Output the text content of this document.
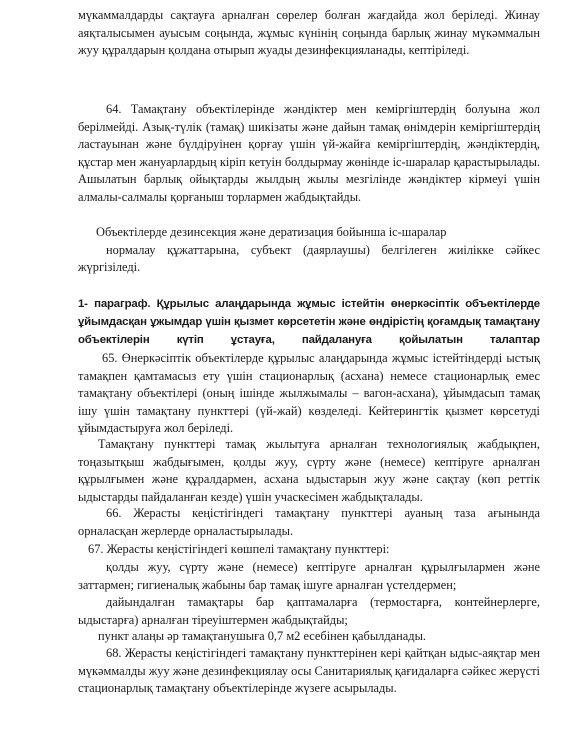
мүкаммалдарды сақтауға арналған сөрелер болған жағдайда жол беріледі. Жинау аяқталысымен ауысым соңында, жұмыс күнінің соңында барлық жинау мүкәммалын жуу құралдарын қолдана отырып жуады дезинфекцияланады, кептіріледі.
64. Тамақтану объектілерінде жәндіктер мен кеміргіштердің болуына жол берілмейді. Азық-түлік (тамақ) шикізаты және дайын тамақ өнімдерін кеміргіштердің ластауынан және бүлдіруінен қорғау үшін үй-жайға кеміргіштердің, жәндіктердің, құстар мен жануарлардың кіріп кетуін болдырмау жөнінде іс-шаралар қарастырылады. Ашылатын барлық ойықтарды жылдың жылы мезгілінде жәндіктер кірмеуі үшін алмалы-салмалы қорғаныш торлармен жабдықтайды.
Объектілерде дезинсекция және дератизация бойынша іс-шаралар
нормалау құжаттарына, субъект (даярлаушы) белгілеген жиілікке сәйкес жүргізіледі.
1- параграф. Құрылыс алаңдарында жұмыс істейтін өнеркәсіптік объектілерде ұйымдасқан ұжымдар үшін қызмет көрсететін және өндірістің қоғамдық тамақтану объектілерін күтіп ұстауға, пайдалануға қойылатын талаптар
65. Өнеркәсіптік объектілерде құрылыс алаңдарында жұмыс істейтіндерді ыстық тамақпен қамтамасыз ету үшін стационарлық (асхана) немесе стационарлық емес тамақтану объектілері (оның ішінде жылжымалы – вагон-асхана), ұйымдасып тамақ ішу үшін тамақтану пункттері (үй-жай) көзделеді. Кейтерингтік қызмет көрсетуді ұйымдастыруға жол беріледі.
Тамақтану пункттері тамақ жылытуға арналған технологиялық жабдықпен, тоңазытқыш жабдығымен, қолды жуу, сүрту және (немесе) кептіруге арналған құрылғымен және құралдармен, асхана ыдыстарын жуу және сақтау (көп реттік ыдыстарды пайдаланған кезде) үшін учаскесімен жабдықталады.
66. Жерасты кеңістігіндегі тамақтану пункттері ауаның таза ағынында орналасқан жерлерде орналастырылады.
67. Жерасты кеңістігіндегі көшпелі тамақтану пункттері:
қолды жуу, сүрту және (немесе) кептіруге арналған құрылғылармен және заттармен; гигиеналық жабыны бар тамақ ішуге арналған үстелдермен;
дайындалған тамақтары бар қаптамаларға (термостарға, контейнерлерге, ыдыстарға) арналған тіреуіштермен жабдықтайды;
пункт алаңы әр тамақтанушыға 0,7 м2 есебінен қабылданады.
68. Жерасты кеңістігіндегі тамақтану пункттерінен кері қайтқан ыдыс-аяқтар мен мүкәммалды жуу және дезинфекциялау осы Санитариялық қағидаларға сәйкес жерүсті стационарлық тамақтану объектілерінде жүзеге асырылады.
